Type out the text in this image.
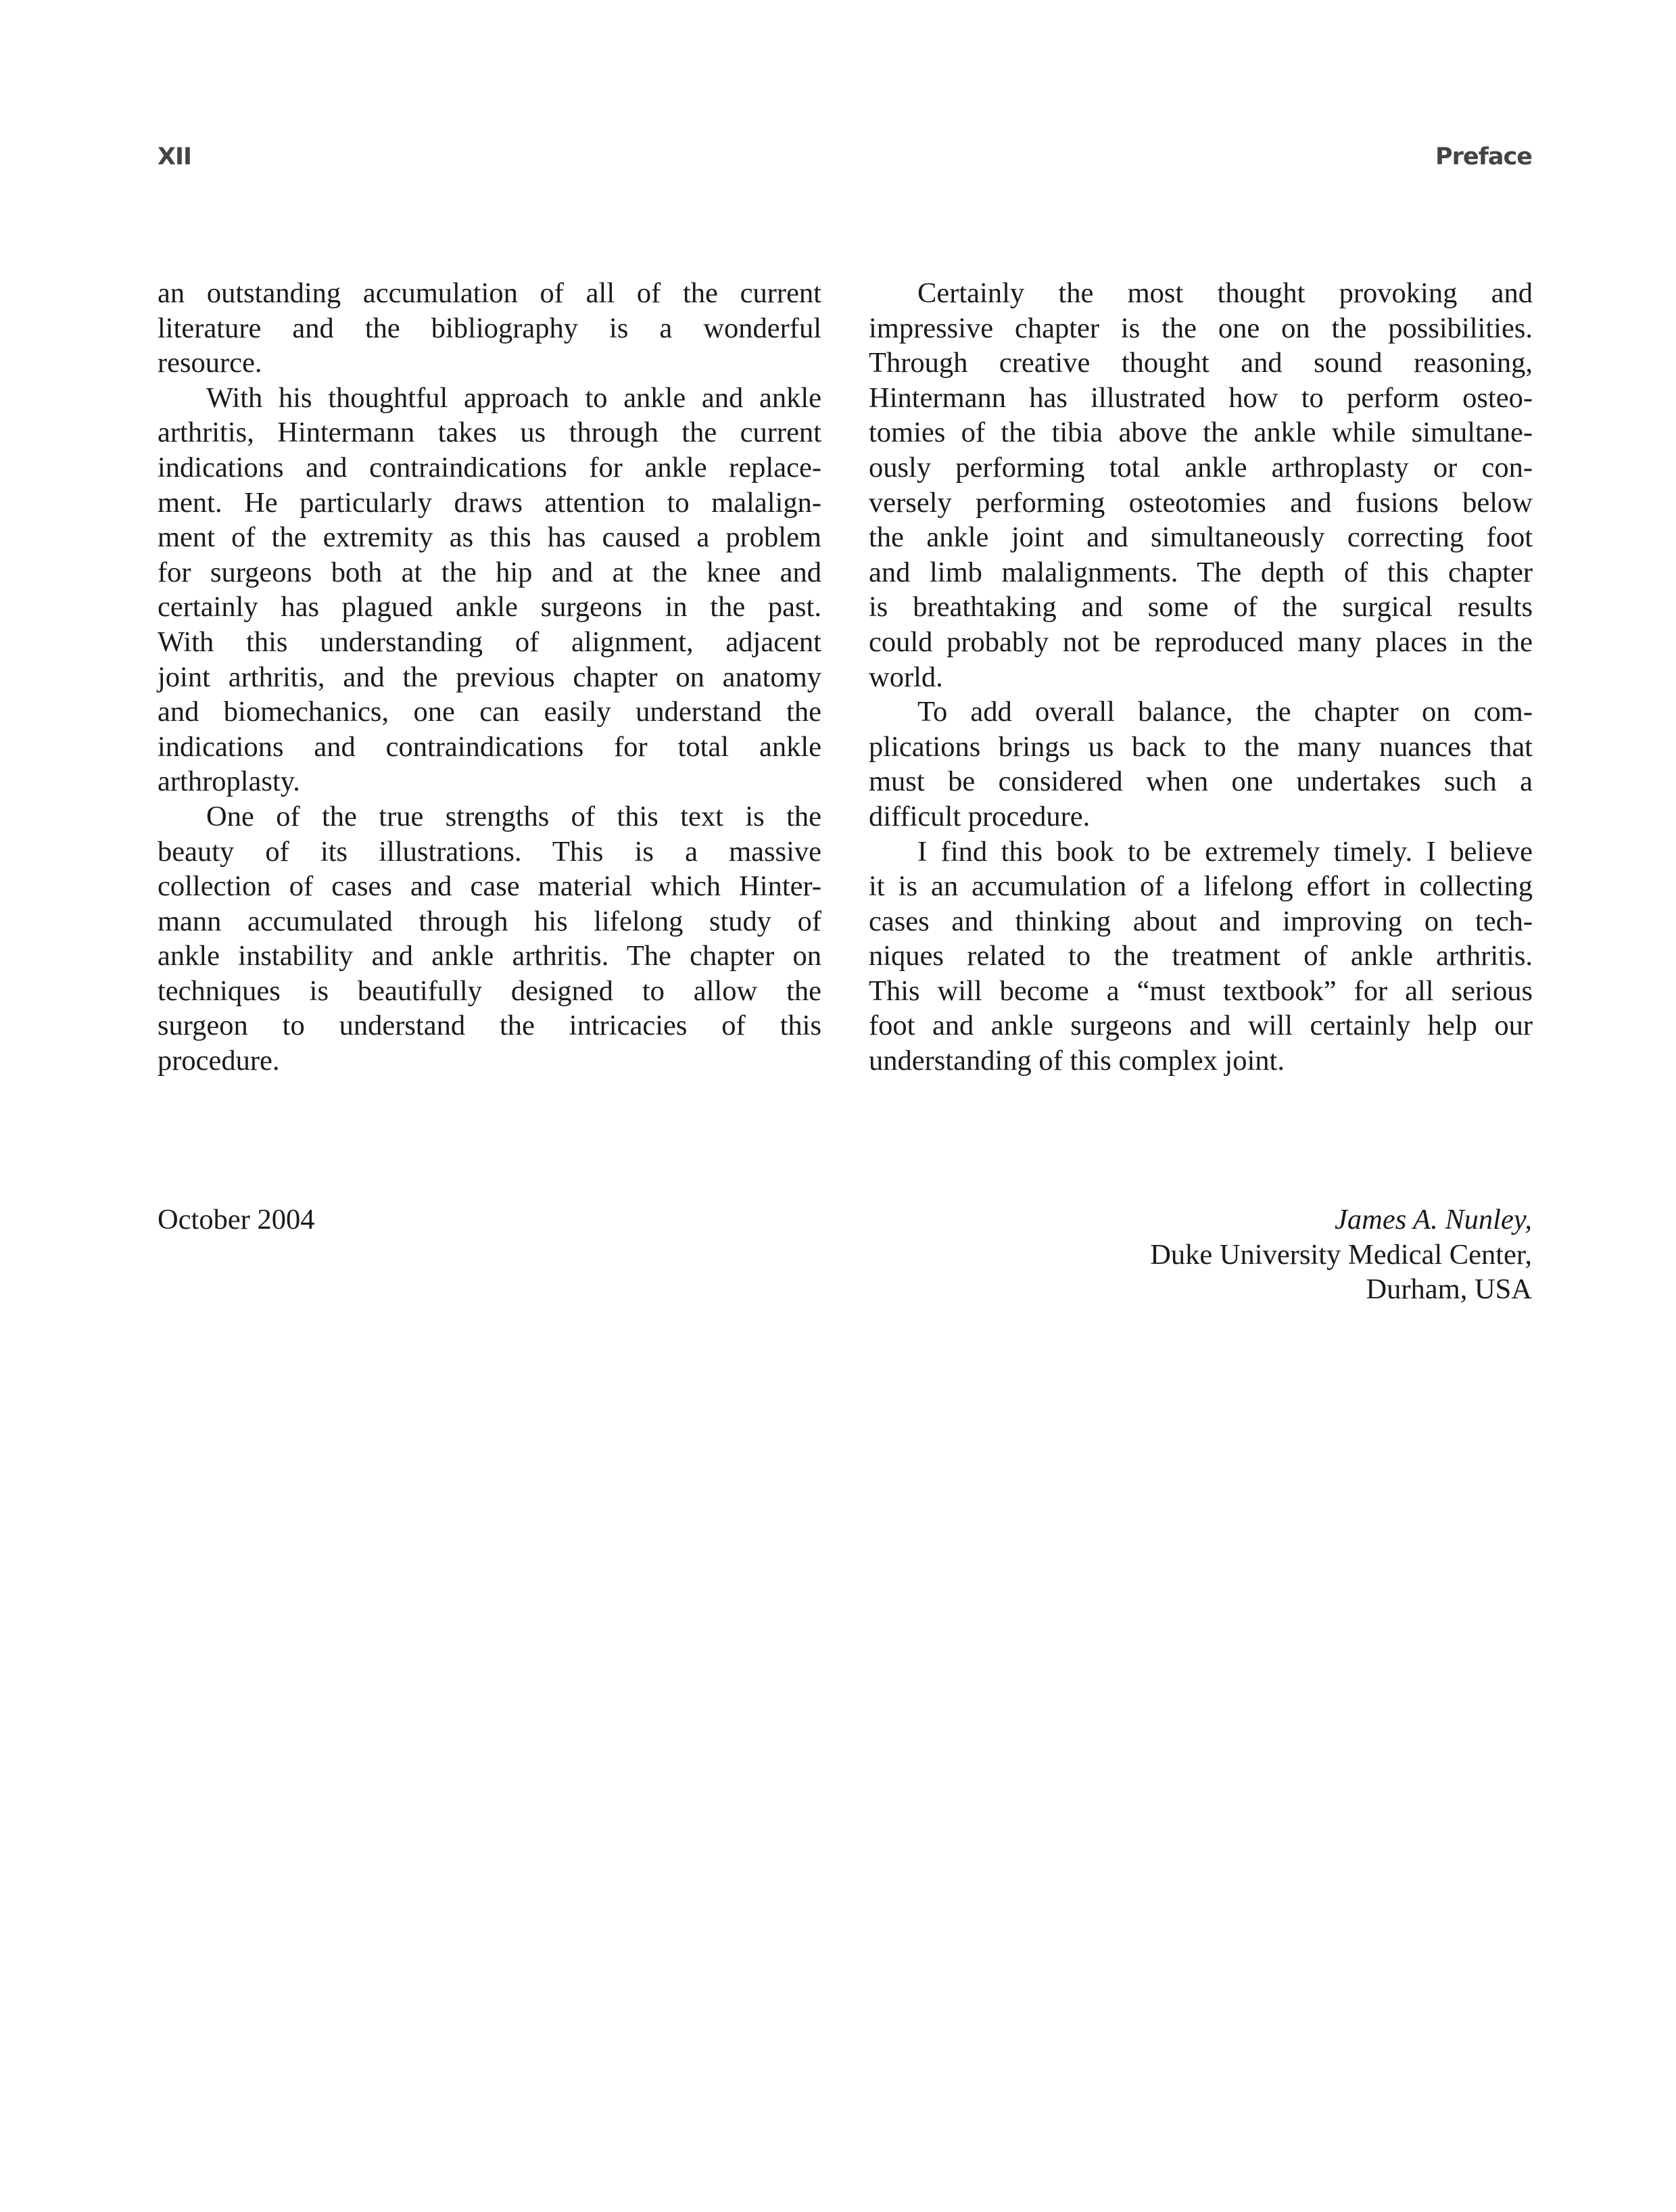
XII	Preface
an outstanding accumulation of all of the current
literature and the bibliography is a wonderful
resource.
With his thoughtful approach to ankle and ankle
arthritis, Hintermann takes us through the current
indications and contraindications for ankle replace-
ment. He particularly draws attention to malalign-
ment of the extremity as this has caused a problem
for surgeons both at the hip and at the knee and
certainly has plagued ankle surgeons in the past.
With this understanding of alignment, adjacent
joint arthritis, and the previous chapter on anatomy
and biomechanics, one can easily understand the
indications and contraindications for total ankle
arthroplasty.
One of the true strengths of this text is the
beauty of its illustrations. This is a massive
collection of cases and case material which Hinter-
mann accumulated through his lifelong study of
ankle instability and ankle arthritis. The chapter on
techniques is beautifully designed to allow the
surgeon to understand the intricacies of this
procedure.
Certainly the most thought provoking and
impressive chapter is the one on the possibilities.
Through creative thought and sound reasoning,
Hintermann has illustrated how to perform osteo-
tomies of the tibia above the ankle while simultane-
ously performing total ankle arthroplasty or con-
versely performing osteotomies and fusions below
the ankle joint and simultaneously correcting foot
and limb malalignments. The depth of this chapter
is breathtaking and some of the surgical results
could probably not be reproduced many places in the
world.
To add overall balance, the chapter on com-
plications brings us back to the many nuances that
must be considered when one undertakes such a
difficult procedure.
I find this book to be extremely timely. I believe
it is an accumulation of a lifelong effort in collecting
cases and thinking about and improving on tech-
niques related to the treatment of ankle arthritis.
This will become a “must textbook” for all serious
foot and ankle surgeons and will certainly help our
understanding of this complex joint.
October 2004	James A. Nunley,
Duke University Medical Center,
Durham, USA
